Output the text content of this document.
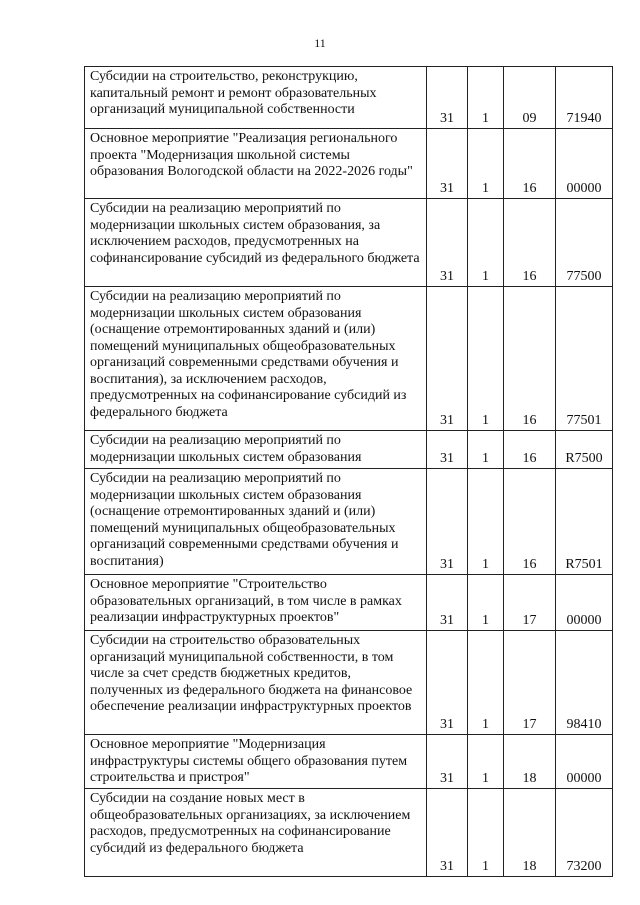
11
Субсидии на строительство, реконструкцию, капитальный ремонт и ремонт образовательных организаций муниципальной собственности	31	1	09	71940
Основное мероприятие "Реализация регионального проекта "Модернизация школьной системы образования Вологодской области на 2022-2026 годы"	31	1	16	00000
Субсидии на реализацию мероприятий по модернизации школьных систем образования, за исключением расходов, предусмотренных на софинансирование субсидий из федерального бюджета	31	1	16	77500
Субсидии на реализацию мероприятий по модернизации школьных систем образования (оснащение отремонтированных зданий и (или) помещений муниципальных общеобразовательных организаций современными средствами обучения и воспитания), за исключением расходов, предусмотренных на софинансирование субсидий из федерального бюджета	31	1	16	77501
Субсидии на реализацию мероприятий по модернизации школьных систем образования	31	1	16	R7500
Субсидии на реализацию мероприятий по модернизации школьных систем образования (оснащение отремонтированных зданий и (или) помещений муниципальных общеобразовательных организаций современными средствами обучения и воспитания)	31	1	16	R7501
Основное мероприятие "Строительство образовательных организаций, в том числе в рамках реализации инфраструктурных проектов"	31	1	17	00000
Субсидии на строительство образовательных организаций муниципальной собственности, в том числе за счет средств бюджетных кредитов, полученных из федерального бюджета на финансовое обеспечение реализации инфраструктурных проектов	31	1	17	98410
Основное мероприятие "Модернизация инфраструктуры системы общего образования путем строительства и пристроя"	31	1	18	00000
Субсидии на создание новых мест в общеобразовательных организациях, за исключением расходов, предусмотренных на софинансирование субсидий из федерального бюджета	31	1	18	73200
